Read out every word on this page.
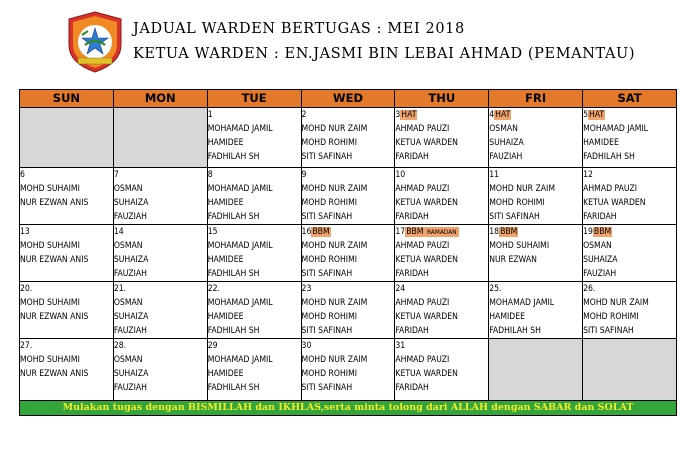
JADUAL WARDEN BERTUGAS : MEI 2018
KETUA WARDEN : EN.JASMI BIN LEBAI AHMAD (PEMANTAU)
SUN	MON	TUE	WED	THU	FRI	SAT

		1
MOHAMAD JAMIL
HAMIDEE
FADHILAH SH	2
MOHD NUR ZAIM
MOHD ROHIMI
SITI SAFINAH	3HAT
AHMAD PAUZI
KETUA WARDEN
FARIDAH	4HAT
OSMAN
SUHAIZA
FAUZIAH	5HAT
MOHAMAD JAMIL
HAMIDEE
FADHILAH SH

6
MOHD SUHAIMI
NUR EZWAN ANIS	7
OSMAN
SUHAIZA
FAUZIAH	8
MOHAMAD JAMIL
HAMIDEE
FADHILAH SH	9
MOHD NUR ZAIM
MOHD ROHIMI
SITI SAFINAH	10
AHMAD PAUZI
KETUA WARDEN
FARIDAH	11
MOHD NUR ZAIM
MOHD ROHIMI
SITI SAFINAH	12
AHMAD PAUZI
KETUA WARDEN
FARIDAH

13
MOHD SUHAIMI
NUR EZWAN ANIS	14
OSMAN
SUHAIZA
FAUZIAH	15
MOHAMAD JAMIL
HAMIDEE
FADHILAH SH	16BBM
MOHD NUR ZAIM
MOHD ROHIMI
SITI SAFINAH	17BBM RAMADAN
AHMAD PAUZI
KETUA WARDEN
FARIDAH	18BBM
MOHD SUHAIMI
NUR EZWAN	19BBM
OSMAN
SUHAIZA
FAUZIAH

20.
MOHD SUHAIMI
NUR EZWAN ANIS	21.
OSMAN
SUHAIZA
FAUZIAH	22.
MOHAMAD JAMIL
HAMIDEE
FADHILAH SH	23
MOHD NUR ZAIM
MOHD ROHIMI
SITI SAFINAH	24
AHMAD PAUZI
KETUA WARDEN
FARIDAH	25.
MOHAMAD JAMIL
HAMIDEE
FADHILAH SH	26.
MOHD NUR ZAIM
MOHD ROHIMI
SITI SAFINAH

27.
MOHD SUHAIMI
NUR EZWAN ANIS	28.
OSMAN
SUHAIZA
FAUZIAH	29
MOHAMAD JAMIL
HAMIDEE
FADHILAH SH	30
MOHD NUR ZAIM
MOHD ROHIMI
SITI SAFINAH	31
AHMAD PAUZI
KETUA WARDEN
FARIDAH		

Mulakan tugas dengan BISMILLAH dan IKHLAS,serta minta tolong dari ALLAH dengan SABAR dan SOLAT						
